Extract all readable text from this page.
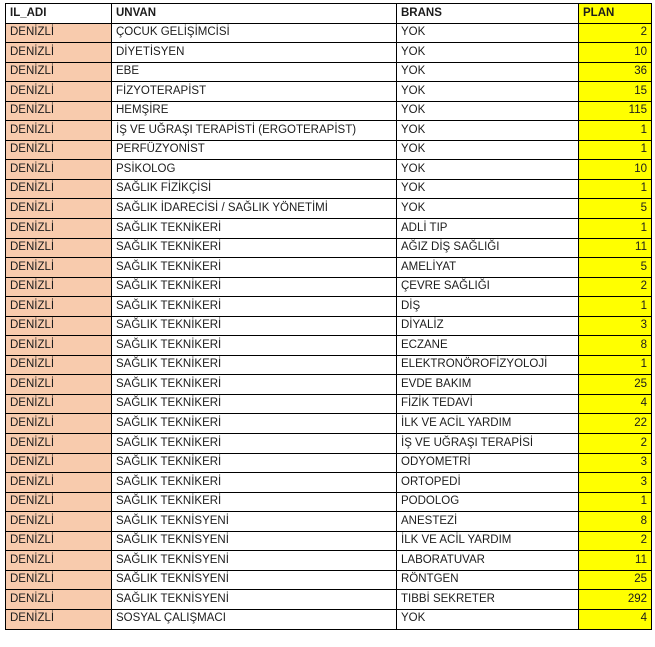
IL_ADI	UNVAN	BRANS	PLAN
DENİZLİ	ÇOCUK GELİŞİMCİSİ	YOK	2
DENİZLİ	DİYETİSYEN	YOK	10
DENİZLİ	EBE	YOK	36
DENİZLİ	FİZYOTERAPİST	YOK	15
DENİZLİ	HEMŞİRE	YOK	115
DENİZLİ	İŞ VE UĞRAŞI TERAPİSTİ (ERGOTERAPİST)	YOK	1
DENİZLİ	PERFÜZYONİST	YOK	1
DENİZLİ	PSİKOLOG	YOK	10
DENİZLİ	SAĞLIK FİZİKÇİSİ	YOK	1
DENİZLİ	SAĞLIK İDARECİSİ / SAĞLIK YÖNETİMİ	YOK	5
DENİZLİ	SAĞLIK TEKNİKERİ	ADLİ TIP	1
DENİZLİ	SAĞLIK TEKNİKERİ	AĞIZ DİŞ SAĞLIĞI	11
DENİZLİ	SAĞLIK TEKNİKERİ	AMELİYAT	5
DENİZLİ	SAĞLIK TEKNİKERİ	ÇEVRE SAĞLIĞI	2
DENİZLİ	SAĞLIK TEKNİKERİ	DİŞ	1
DENİZLİ	SAĞLIK TEKNİKERİ	DİYALİZ	3
DENİZLİ	SAĞLIK TEKNİKERİ	ECZANE	8
DENİZLİ	SAĞLIK TEKNİKERİ	ELEKTRONÖROFİZYOLOJİ	1
DENİZLİ	SAĞLIK TEKNİKERİ	EVDE BAKIM	25
DENİZLİ	SAĞLIK TEKNİKERİ	FİZİK TEDAVİ	4
DENİZLİ	SAĞLIK TEKNİKERİ	İLK VE ACİL YARDIM	22
DENİZLİ	SAĞLIK TEKNİKERİ	İŞ VE UĞRAŞI TERAPİSİ	2
DENİZLİ	SAĞLIK TEKNİKERİ	ODYOMETRİ	3
DENİZLİ	SAĞLIK TEKNİKERİ	ORTOPEDİ	3
DENİZLİ	SAĞLIK TEKNİKERİ	PODOLOG	1
DENİZLİ	SAĞLIK TEKNİSYENİ	ANESTEZİ	8
DENİZLİ	SAĞLIK TEKNİSYENİ	İLK VE ACİL YARDIM	2
DENİZLİ	SAĞLIK TEKNİSYENİ	LABORATUVAR	11
DENİZLİ	SAĞLIK TEKNİSYENİ	RÖNTGEN	25
DENİZLİ	SAĞLIK TEKNİSYENİ	TIBBİ SEKRETER	292
DENİZLİ	SOSYAL ÇALIŞMACI	YOK	4
